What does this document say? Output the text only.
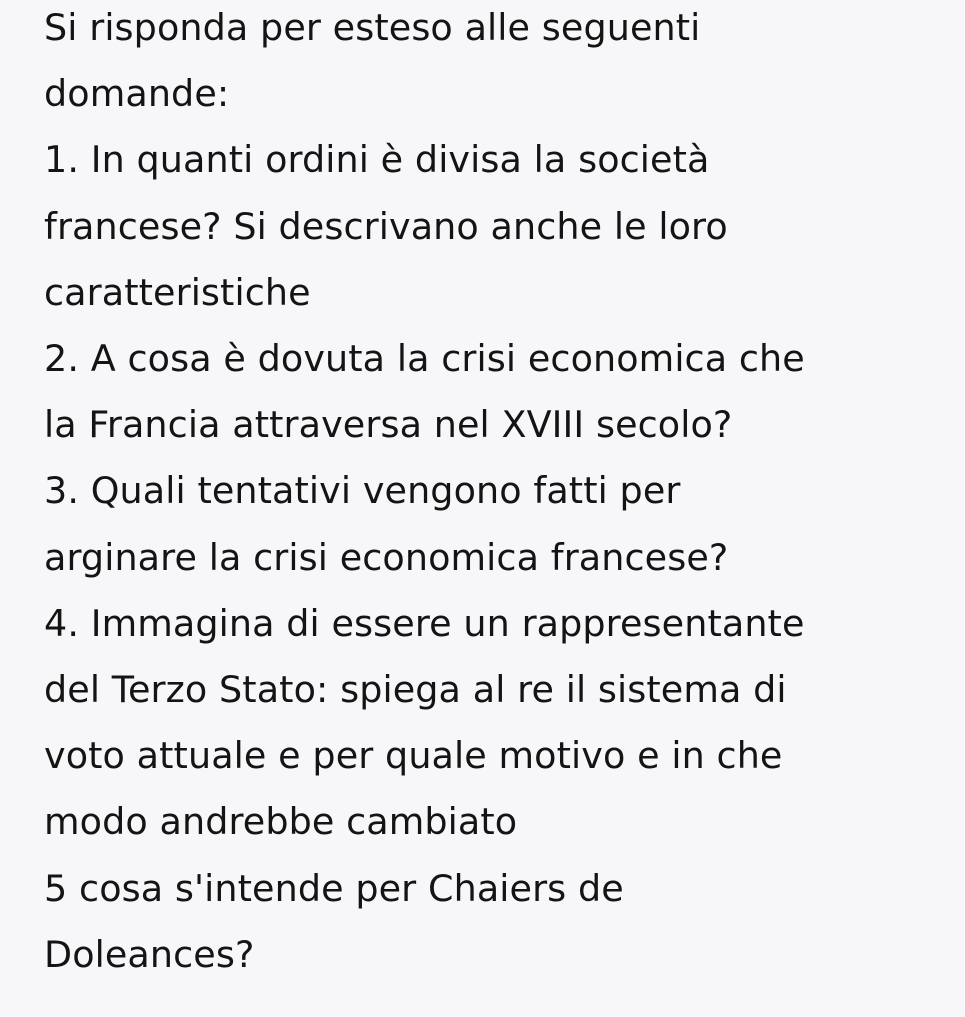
Si risponda per esteso alle seguenti
domande:
1. In quanti ordini è divisa la società
francese? Si descrivano anche le loro
caratteristiche
2. A cosa è dovuta la crisi economica che
la Francia attraversa nel XVIII secolo?
3. Quali tentativi vengono fatti per
arginare la crisi economica francese?
4. Immagina di essere un rappresentante
del Terzo Stato: spiega al re il sistema di
voto attuale e per quale motivo e in che
modo andrebbe cambiato
5 cosa s'intende per Chaiers de
Doleances?
